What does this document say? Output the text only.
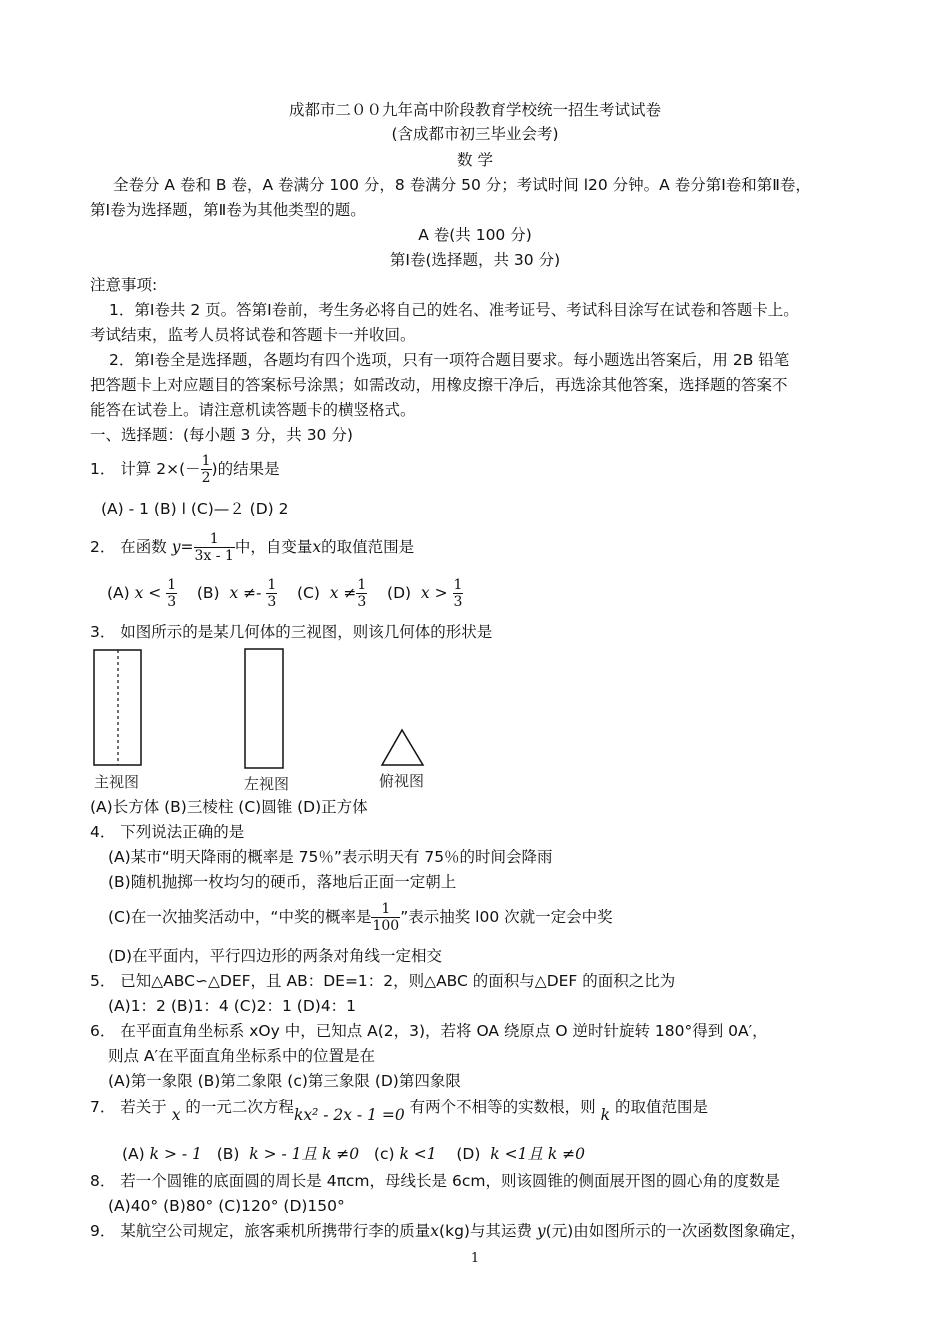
成都市二００九年高中阶段教育学校统一招生考试试卷
(含成都市初三毕业会考)
数 学
全卷分 A 卷和 B 卷，A 卷满分 100 分，8 卷满分 50 分；考试时间 l20 分钟。A 卷分第Ⅰ卷和第Ⅱ卷，
第Ⅰ卷为选择题，第Ⅱ卷为其他类型的题。
A 卷(共 100 分)
第Ⅰ卷(选择题，共 30 分)
注意事项:
1．第Ⅰ卷共 2 页。答第Ⅰ卷前，考生务必将自己的姓名、准考证号、考试科目涂写在试卷和答题卡上。
考试结束，监考人员将试卷和答题卡一并收回。
2．第Ⅰ卷全是选择题，各题均有四个选项，只有一项符合题目要求。每小题选出答案后，用 2B 铅笔
把答题卡上对应题目的答案标号涂黑；如需改动，用橡皮擦干净后，再选涂其他答案，选择题的答案不
能答在试卷上。请注意机读答题卡的横竖格式。
一、选择题：(每小题 3 分，共 30 分)
1． 计算 $2\times(- \frac{1}{2}$ )的结果是
(A) - 1 (B) l (C)—２ (D) 2
2． 在函数 $y= \frac{1}{3x - 1}$ 中，自变量x的取值范围是
(A) $x < \frac{1}{3} (B) x \ne- \frac{1}{3} (C) x \ne \frac{1}{3} (D) x > \frac{1}{3}$
3． 如图所示的是某几何体的三视图，则该几何体的形状是
主视图	左视图	俯视图
(A)长方体 (B)三棱柱 (C)圆锥 (D)正方体
4． 下列说法正确的是
(A)某市“明天降雨的概率是 75％”表示明天有 75％的时间会降雨
(B)随机抛掷一枚均匀的硬币，落地后正面一定朝上
(C)在一次抽奖活动中，“中奖的概率是 $\frac{1}{100}$ ”表示抽奖 l00 次就一定会中奖
(D)在平面内，平行四边形的两条对角线一定相交
5． 已知△ABC∽△DEF，且 AB：DE=1：2，则△ABC 的面积与△DEF 的面积之比为
(A)1：2 (B)1：4 (C)2：1 (D)4：1
6． 在平面直角坐标系 xOy 中，已知点 A(2，3)，若将 OA 绕原点 O 逆时针旋转 180°得到 0A′，
则点 A′在平面直角坐标系中的位置是在
(A)第一象限 (B)第二象限 (c)第三象限 (D)第四象限
7． 若关于 x 的一元二次方程kx² - 2x - 1 =0 有两个不相等的实数根，则 k 的取值范围是
(A) k > - 1 (B) k > - 1且 k ≠0 (c) k <1 (D) k <1且 k ≠0
8． 若一个圆锥的底面圆的周长是 4πcm，母线长是 6cm，则该圆锥的侧面展开图的圆心角的度数是
(A)40° (B)80° (C)120° (D)150°
9． 某航空公司规定，旅客乘机所携带行李的质量x(kg)与其运费 y(元)由如图所示的一次函数图象确定，
1
